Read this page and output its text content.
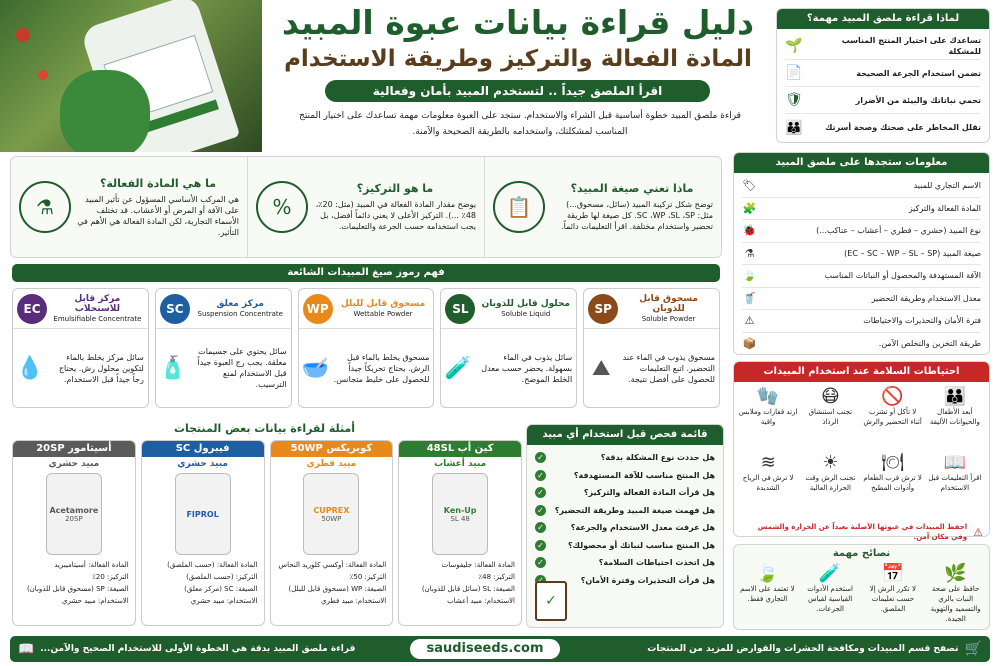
دليل قراءة بيانات عبوة المبيد
المادة الفعالة والتركيز وطريقة الاستخدام
اقرأ الملصق جيداً .. لتستخدم المبيد بأمان وفعالية

قراءة ملصق المبيد خطوة أساسية قبل الشراء والاستخدام. ستجد على العبوة معلومات مهمة تساعدك على اختيار المنتج المناسب لمشكلتك، واستخدامه بالطريقة الصحيحة والآمنة.

لماذا قراءة ملصق المبيد مهمة؟
تساعدك على اختيار المنتج المناسب للمشكلة
🌱
تضمن استخدام الجرعة الصحيحة
📄
تحمي نباتاتك والبيئة من الأضرار
🛡
تقلل المخاطر على صحتك وصحة أسرتك
👪
ماذا تعني صيغة المبيد؟
توضح شكل تركيبة المبيد (سائل، مسحوق...) مثل: SC ،WP ،SL ،SP. كل صيغة لها طريقة تحضير واستخدام مختلفة. اقرأ التعليمات دائماً.
📋
ما هو التركيز؟
يوضح مقدار المادة الفعالة في المبيد (مثل: 20٪، 48٪ ...). التركيز الأعلى لا يعني دائماً أفضل، بل يجب استخدامه حسب الجرعة والتعليمات.
%
ما هي المادة الفعالة؟
هي المركب الأساسي المسؤول عن تأثير المبيد على الآفة أو المرض أو الأعشاب. قد تختلف الأسماء التجارية، لكن المادة الفعالة هي الأهم في التأثير.
⚗
معلومات ستجدها على ملصق المبيد
الاسم التجاري للمبيد
🏷
المادة الفعالة والتركيز
🧩
نوع المبيد (حشري – فطري – أعشاب – عناكب...)
🐞
صيغة المبيد (EC – SC – WP – SL – SP)
⚗
الآفة المستهدفة والمحصول أو النباتات المناسب
🍃
معدل الاستخدام وطريقة التحضير
🥤
فترة الأمان والتحذيرات والاحتياطات
⚠
طريقة التخزين والتخلص الآمن.
📦
فهم رموز صيغ المبيدات الشائعة
مسحوق قابل للذوبان
Soluble Powder
SP
مسحوق يذوب في الماء عند التحضير. اتبع التعليمات للحصول على أفضل نتيجة.
⛰
محلول قابل للذوبان
Soluble Liquid
SL
سائل يذوب في الماء بسهولة. يحضر حسب معدل الخلط الموضح.
🧪
مسحوق قابل للبلل
Wettable Powder
WP
مسحوق يخلط بالماء قبل الرش. يحتاج تحريكاً جيداً للحصول على خليط متجانس.
🥣
مركز معلق
Suspension Concentrate
SC
سائل يحتوي على جسيمات معلقة. يجب رج العبوة جيداً قبل الاستخدام لمنع الترسيب.
🧴
مركز قابل للاستحلاب
Emulsifiable Concentrate
EC
سائل مركز يخلط بالماء لتكوين محلول رش. يحتاج رجاً جيداً قبل الاستخدام.
💧	احتياطات السلامة عند استخدام المبيدات
👪
أبعد الأطفال والحيوانات الأليفة
🚫
لا تأكل أو تشرب أثناء التحضير والرش
😷
تجنب استنشاق الرذاذ
🧤
ارتد قفازات وملابس واقية
📖
اقرأ التعليمات قبل الاستخدام
🍽
لا ترش قرب الطعام وأدوات المطبخ
☀
تجنب الرش وقت الحرارة العالية
≋
لا ترش في الرياح الشديدة
⚠
احفظ المبيدات في عبوتها الأصلية بعيداً عن الحرارة والشمس وفي مكان آمن.
أمثلة لقراءة بيانات بعض المنتجات
كين أب 48SL
مبيد أعشاب
Ken-Up
48 SL
المادة الفعالة: جليفوسات
التركيز: 48٪
الصيغة: SL (سائل قابل للذوبان)
الاستخدام: مبيد أعشاب
كوبريكس 50WP
مبيد فطري
CUPREX
50WP
المادة الفعالة: أوكسي كلوريد النحاس
التركيز: 50٪
الصيغة: WP (مسحوق قابل للبلل)
الاستخدام: مبيد فطري
فيبرول SC
مبيد حشري
FIPROL
المادة الفعالة: (حسب الملصق)
التركيز: (حسب الملصق)
الصيغة: SC (مركز معلق)
الاستخدام: مبيد حشري
أسيتامور 20SP
مبيد حشري
Acetamore
20SP
المادة الفعالة: أسيتاميبريد
التركيز: 20٪
الصيغة: SP (مسحوق قابل للذوبان)
الاستخدام: مبيد حشري
قائمة فحص قبل استخدام أي مبيد
هل حددت نوع المشكلة بدقة؟
✓
هل المنتج مناسب للآفة المستهدفة؟
✓
هل قرأت المادة الفعالة والتركيز؟
✓
هل فهمت صيغة المبيد وطريقة التحضير؟
✓
هل عرفت معدل الاستخدام والجرعة؟
✓
هل المنتج مناسب لنباتك أو محصولك؟
✓
هل اتخذت احتياطات السلامة؟
✓
هل قرأت التحذيرات وفترة الأمان؟
✓
نصائح مهمة
🌿
حافظ على صحة النبات بالري والتسميد والتهوية الجيدة.
📅
لا تكرر الرش إلا حسب تعليمات الملصق.
🧪
استخدم الأدوات القياسية لقياس الجرعات.
🍃
لا تعتمد على الاسم التجاري فقط.
🛒
تصفح قسم المبيدات ومكافحة الحشرات والقوارض للمزيد من المنتجات
saudiseeds.com
قراءة ملصق المبيد بدقة هي الخطوة الأولى للاستخدام الصحيح والآمن...
📖
